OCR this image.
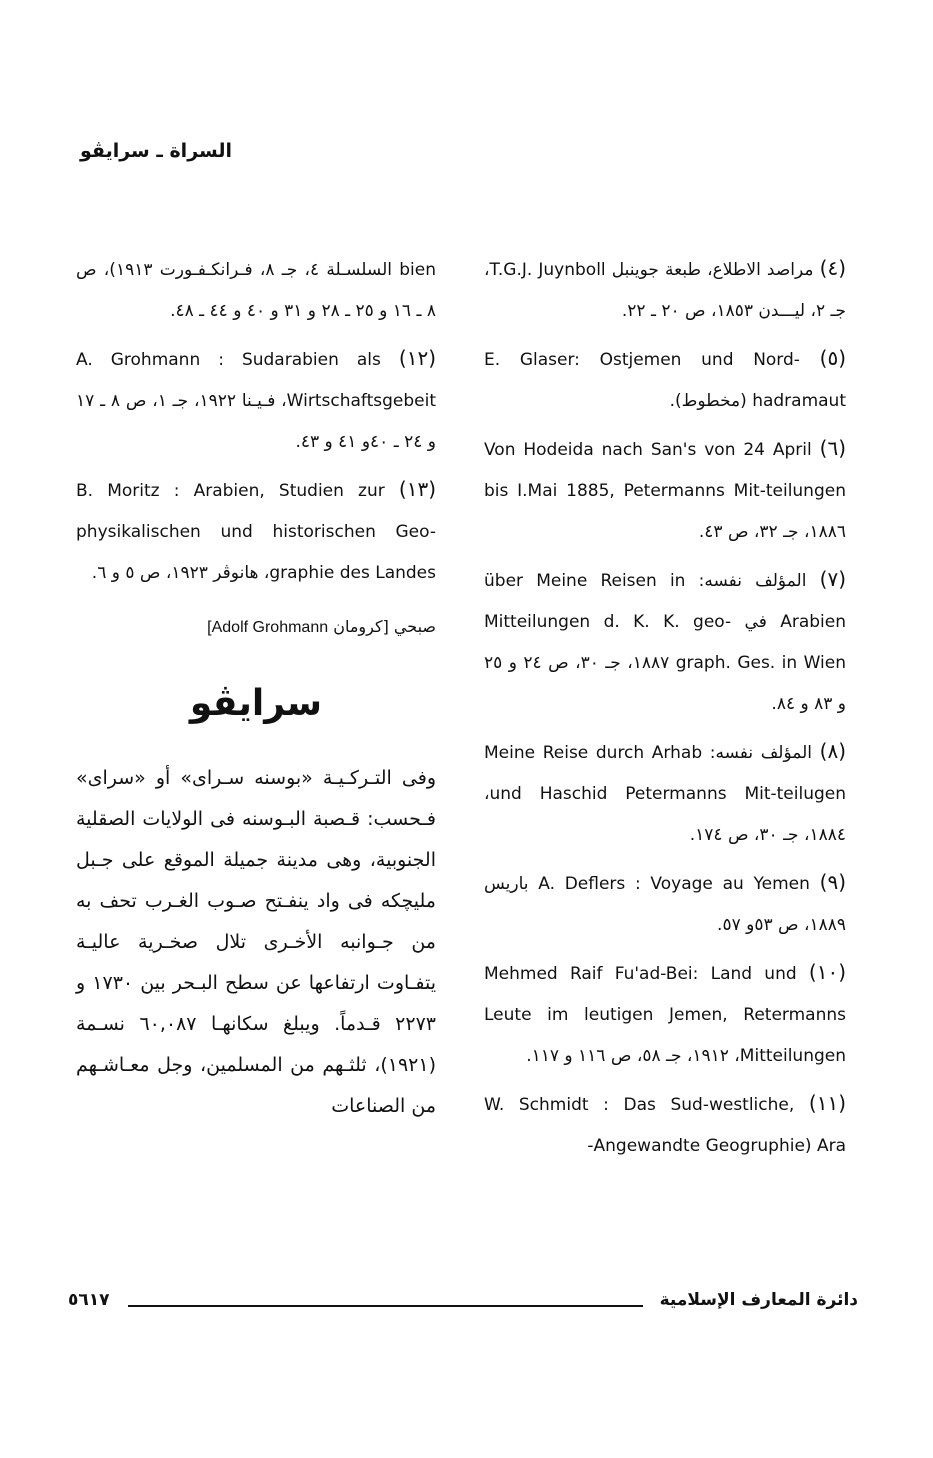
السراة ـ سرايڤو

(٤) مراصد الاطلاع، طبعة جوينبل T.G.J. Juynboll، جـ ٢، ليـــدن ١٨٥٣، ص ٢٠ ـ ٢٢.

(٥) E. Glaser: Ostjemen und Nord-hadramaut (مخطوط).

(٦) Von Hodeida nach San's von 24 April bis I.Mai 1885, Petermanns Mit-teilungen ١٨٨٦، جـ ٣٢، ص ٤٣.

(٧) المؤلف نفسه: über Meine Reisen in Arabien في Mitteilungen d. K. K. geo-graph. Ges. in Wien ١٨٨٧، جـ ٣٠، ص ٢٤ و ٢٥ و ٨٣ و ٨٤.

(٨) المؤلف نفسه: Meine Reise durch Arhab und Haschid Petermanns Mit-teilugen، ١٨٨٤، جـ ٣٠، ص ١٧٤.

(٩) A. Deflers : Voyage au Yemen باريس ١٨٨٩، ص ٥٣و ٥٧.

(١٠) Mehmed Raif Fu'ad-Bei: Land und Leute im leutigen Jemen, Retermanns Mitteilungen، ١٩١٢، جـ ٥٨، ص ١١٦ و ١١٧.

(١١) W. Schmidt : Das Sud-westliche, Angewandte Geogruphie) Ara-

bien السلسـلة ٤، جـ ٨، فـرانكـفـورت ١٩١٣)، ص ٨ ـ ١٦ و ٢٥ ـ ٢٨ و ٣١ و ٤٠ و ٤٤ ـ ٤٨.

(١٢) A. Grohmann : Sudarabien als Wirtschaftsgebeit، فـيـنا ١٩٢٢، جـ ١، ص ٨ ـ ١٧ و ٢٤ ـ ٤٠و ٤١ و ٤٣.

(١٣) B. Moritz : Arabien, Studien zur physikalischen und historischen Geo-graphie des Landes، هانوڤر ١٩٢٣، ص ٥ و ٦.

صبحي [كرومان Adolf Grohmann]
سرايڤو
وفى التـركـيـة «بوسنه سـراى» أو «سراى» فـحسب: قـصبة البـوسنه فى الولايات الصقلية الجنوبية، وهى مدينة جميلة الموقع على جـبل مليچكه فى واد ينفـتح صـوب الغـرب تحف به من جـوانبه الأخـرى تلال صخـرية عاليـة يتفـاوت ارتفاعها عن سطح البـحر بين ١٧٣٠ و ٢٢٧٣ قـدماً. ويبلغ سكانهـا ٦٠,٠٨٧ نسـمة (١٩٢١)، ثلثـهم من المسلمين، وجل معـاشـهم من الصناعات
٥٦١٧	دائرة المعارف الإسلامية
